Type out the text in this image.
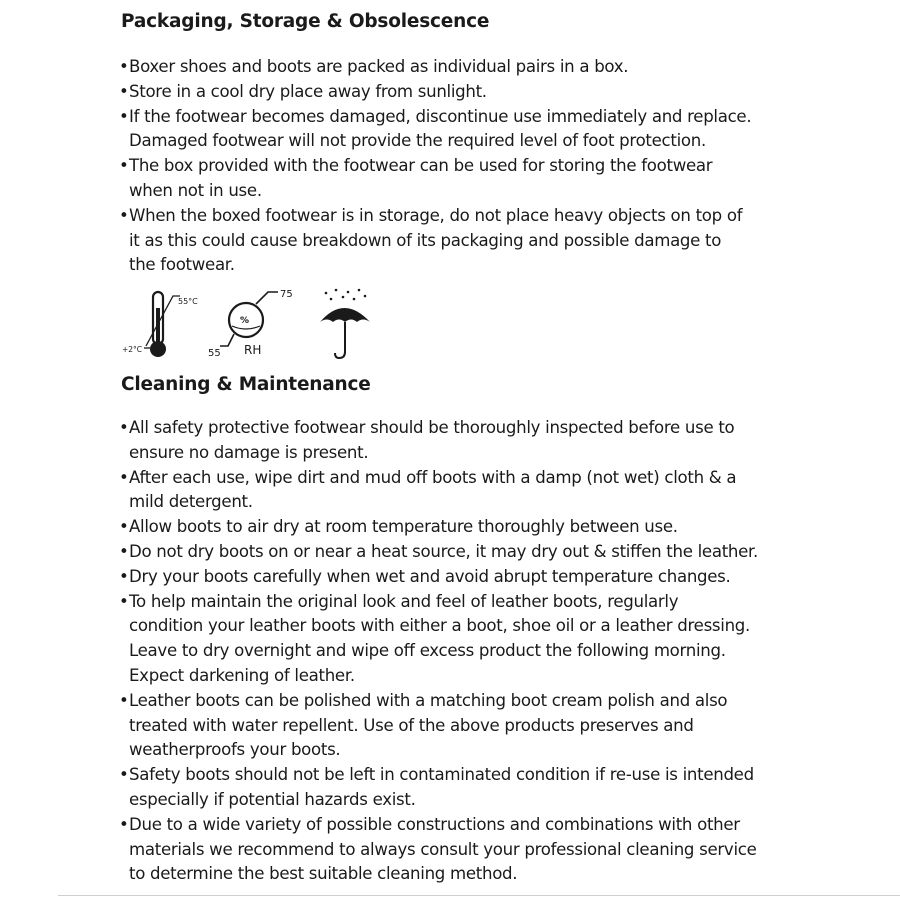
Packaging, Storage & Obsolescence
• Boxer shoes and boots are packed as individual pairs in a box.
• Store in a cool dry place away from sunlight.
• If the footwear becomes damaged, discontinue use immediately and replace.
Damaged footwear will not provide the required level of foot protection.
• The box provided with the footwear can be used for storing the footwear
when not in use.
• When the boxed footwear is in storage, do not place heavy objects on top of
it as this could cause breakdown of its packaging and possible damage to
the footwear.
55°C
+2°C
%
75
55 RH
Cleaning & Maintenance
• All safety protective footwear should be thoroughly inspected before use to
ensure no damage is present.
• After each use, wipe dirt and mud off boots with a damp (not wet) cloth & a
mild detergent.
• Allow boots to air dry at room temperature thoroughly between use.
• Do not dry boots on or near a heat source, it may dry out & stiffen the leather.
• Dry your boots carefully when wet and avoid abrupt temperature changes.
• To help maintain the original look and feel of leather boots, regularly
condition your leather boots with either a boot, shoe oil or a leather dressing.
Leave to dry overnight and wipe off excess product the following morning.
Expect darkening of leather.
• Leather boots can be polished with a matching boot cream polish and also
treated with water repellent. Use of the above products preserves and
weatherproofs your boots.
• Safety boots should not be left in contaminated condition if re-use is intended
especially if potential hazards exist.
• Due to a wide variety of possible constructions and combinations with other
materials we recommend to always consult your professional cleaning service
to determine the best suitable cleaning method.
